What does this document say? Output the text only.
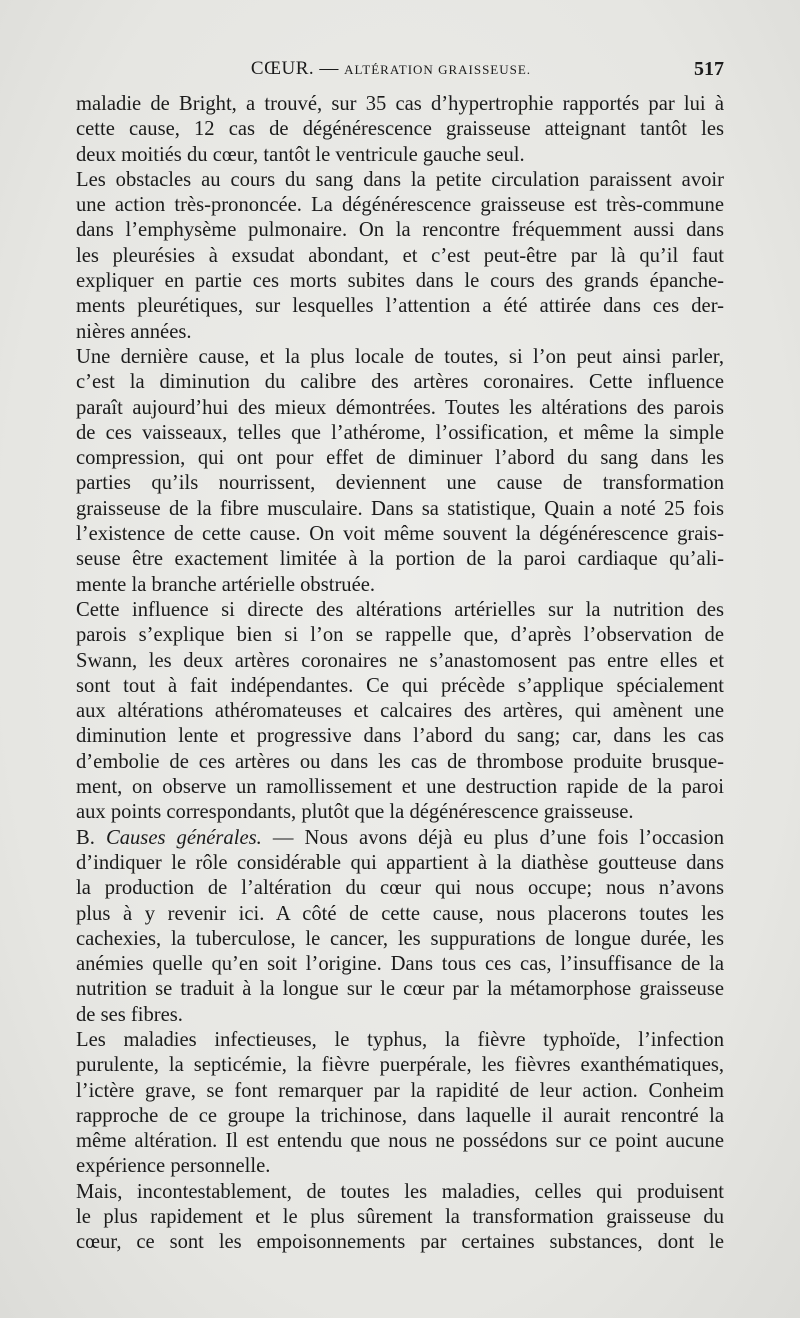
CŒUR. — ALTÉRATION GRAISSEUSE.	517

maladie de Bright, a trouvé, sur 35 cas d’hypertrophie rapportés par lui à
cette cause, 12 cas de dégénérescence graisseuse atteignant tantôt les
deux moitiés du cœur, tantôt le ventricule gauche seul.

Les obstacles au cours du sang dans la petite circulation paraissent avoir
une action très-prononcée. La dégénérescence graisseuse est très-commune
dans l’emphysème pulmonaire. On la rencontre fréquemment aussi dans
les pleurésies à exsudat abondant, et c’est peut-être par là qu’il faut
expliquer en partie ces morts subites dans le cours des grands épanche-
ments pleurétiques, sur lesquelles l’attention a été attirée dans ces der-
nières années.

Une dernière cause, et la plus locale de toutes, si l’on peut ainsi parler,
c’est la diminution du calibre des artères coronaires. Cette influence
paraît aujourd’hui des mieux démontrées. Toutes les altérations des parois
de ces vaisseaux, telles que l’athérome, l’ossification, et même la simple
compression, qui ont pour effet de diminuer l’abord du sang dans les
parties qu’ils nourrissent, deviennent une cause de transformation
graisseuse de la fibre musculaire. Dans sa statistique, Quain a noté 25 fois
l’existence de cette cause. On voit même souvent la dégénérescence grais-
seuse être exactement limitée à la portion de la paroi cardiaque qu’ali-
mente la branche artérielle obstruée.

Cette influence si directe des altérations artérielles sur la nutrition des
parois s’explique bien si l’on se rappelle que, d’après l’observation de
Swann, les deux artères coronaires ne s’anastomosent pas entre elles et
sont tout à fait indépendantes. Ce qui précède s’applique spécialement
aux altérations athéromateuses et calcaires des artères, qui amènent une
diminution lente et progressive dans l’abord du sang; car, dans les cas
d’embolie de ces artères ou dans les cas de thrombose produite brusque-
ment, on observe un ramollissement et une destruction rapide de la paroi
aux points correspondants, plutôt que la dégénérescence graisseuse.

B. Causes générales. — Nous avons déjà eu plus d’une fois l’occasion
d’indiquer le rôle considérable qui appartient à la diathèse goutteuse dans
la production de l’altération du cœur qui nous occupe; nous n’avons
plus à y revenir ici. A côté de cette cause, nous placerons toutes les
cachexies, la tuberculose, le cancer, les suppurations de longue durée, les
anémies quelle qu’en soit l’origine. Dans tous ces cas, l’insuffisance de la
nutrition se traduit à la longue sur le cœur par la métamorphose graisseuse
de ses fibres.

Les maladies infectieuses, le typhus, la fièvre typhoïde, l’infection
purulente, la septicémie, la fièvre puerpérale, les fièvres exanthématiques,
l’ictère grave, se font remarquer par la rapidité de leur action. Conheim
rapproche de ce groupe la trichinose, dans laquelle il aurait rencontré la
même altération. Il est entendu que nous ne possédons sur ce point aucune
expérience personnelle.

Mais, incontestablement, de toutes les maladies, celles qui produisent
le plus rapidement et le plus sûrement la transformation graisseuse du
cœur, ce sont les empoisonnements par certaines substances, dont le
